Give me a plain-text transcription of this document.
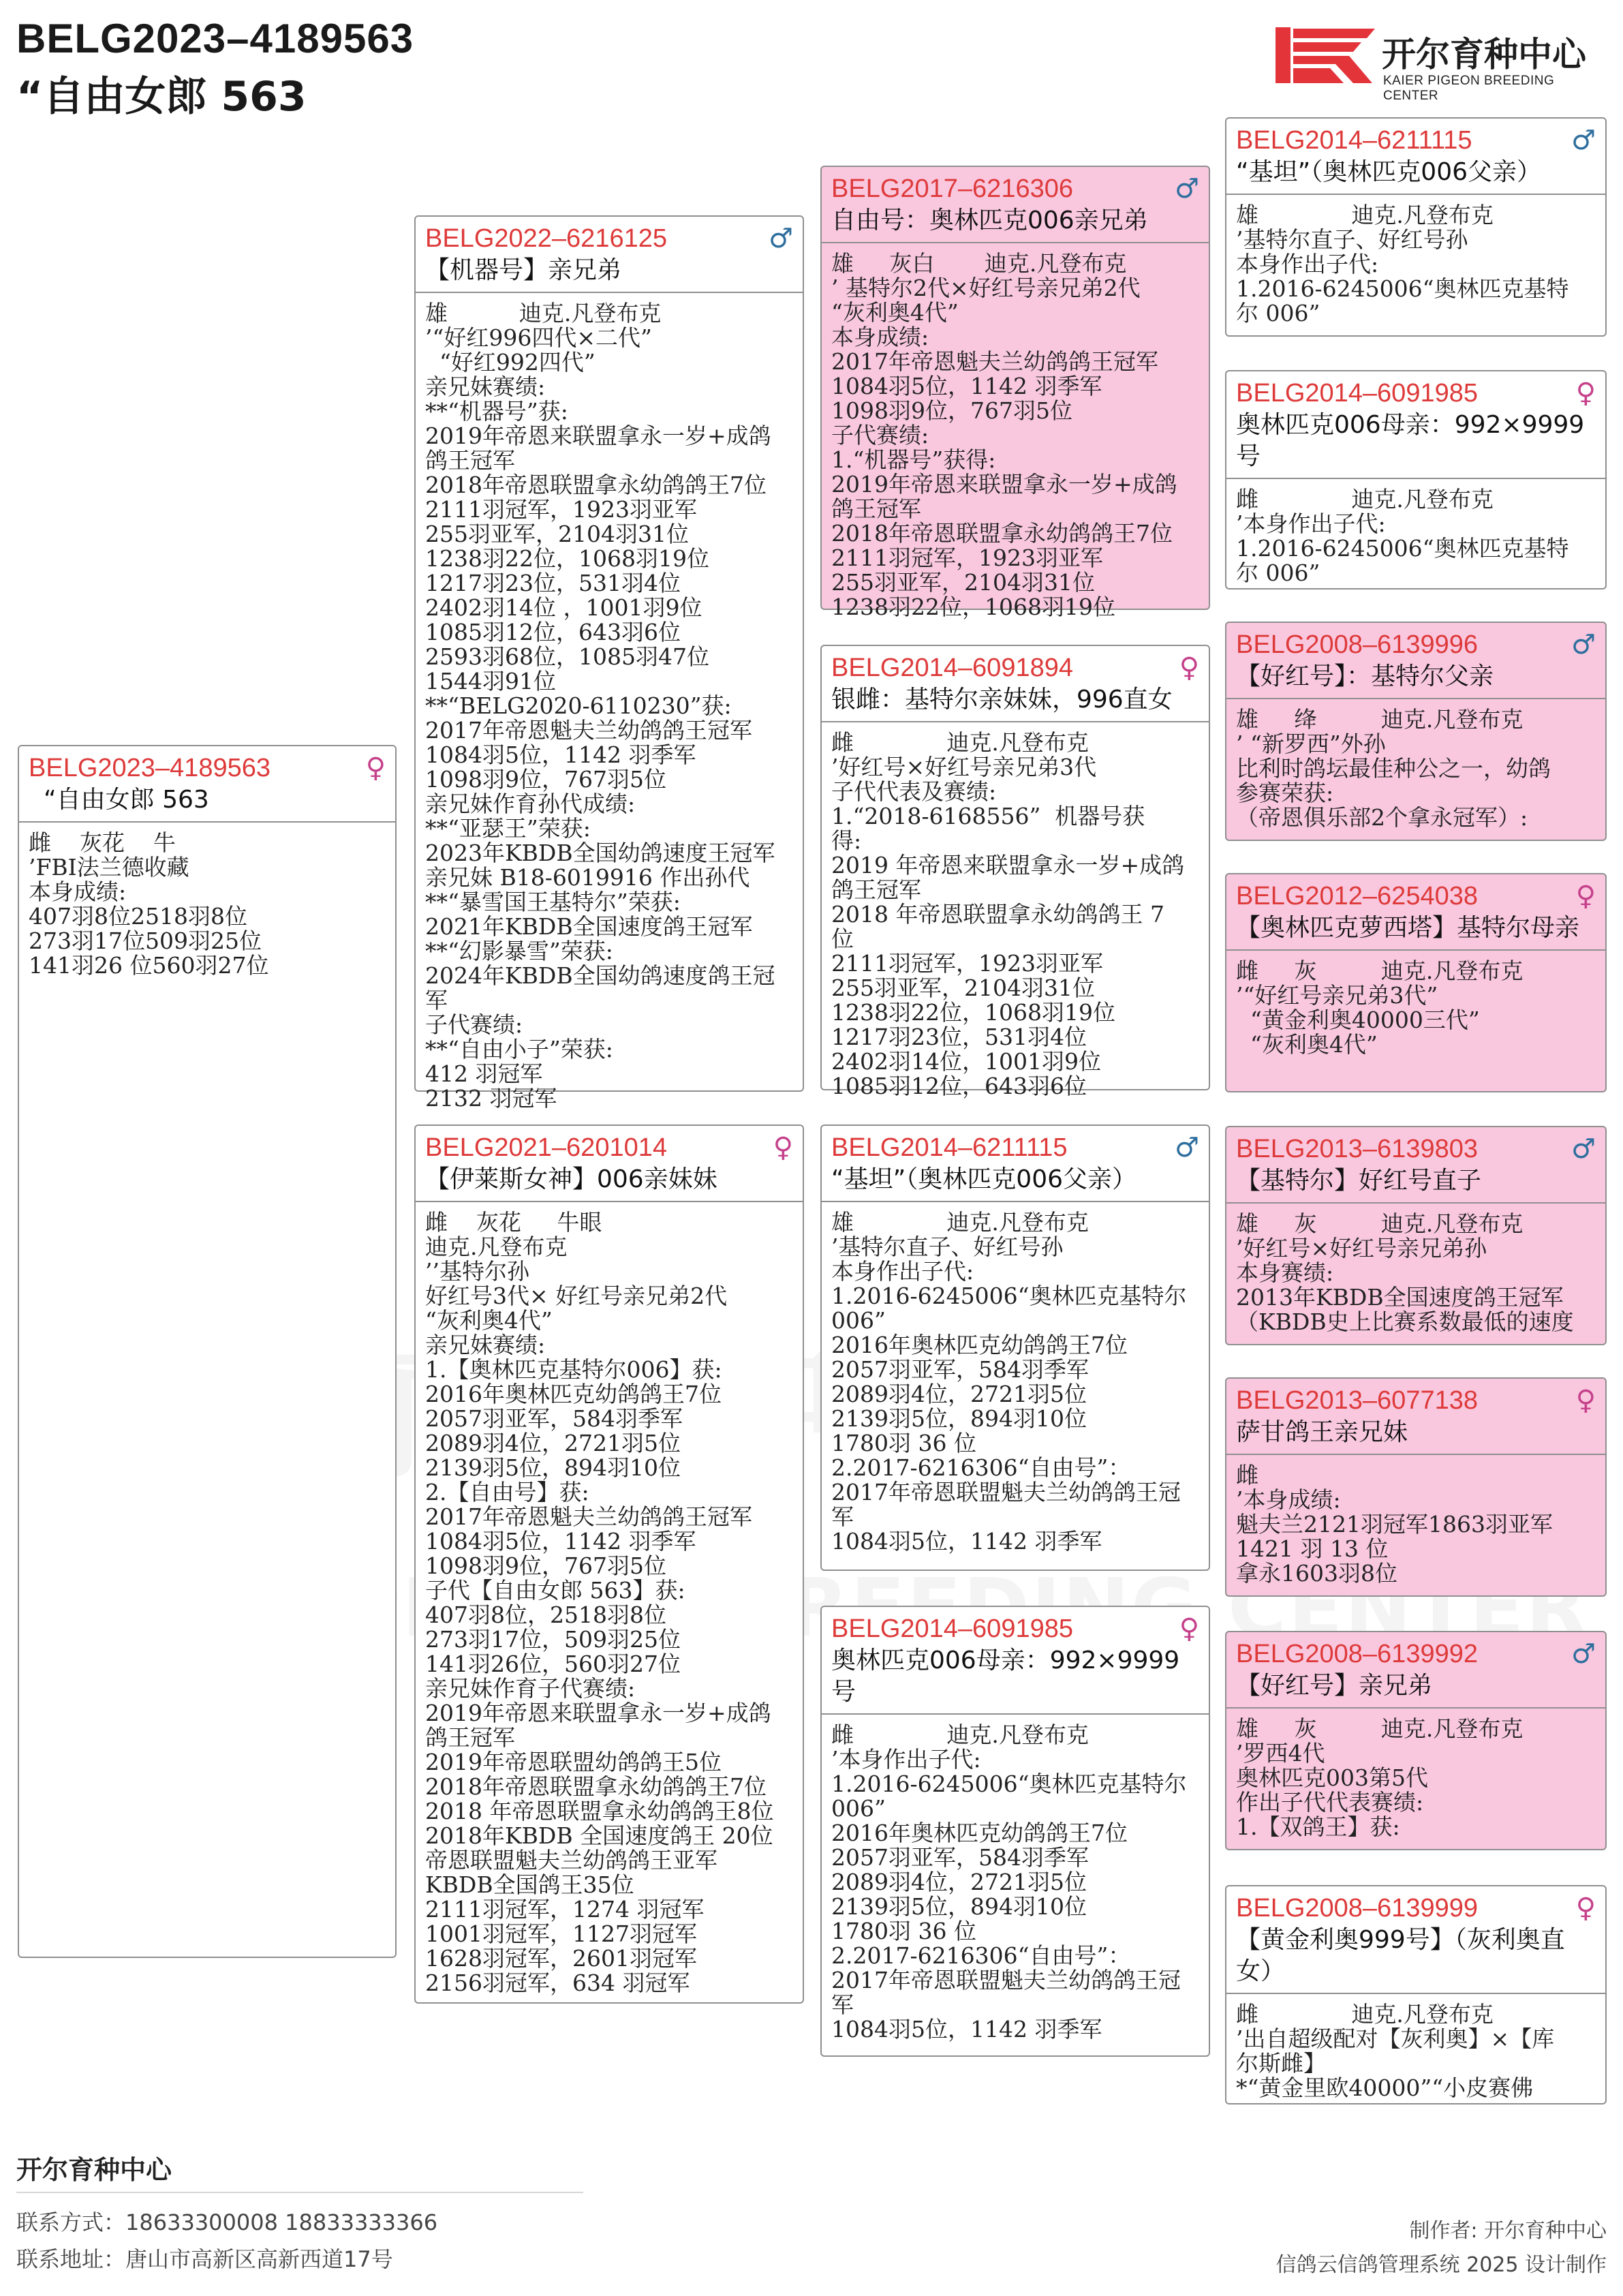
BELG2023–4189563
“自由女郎 563
开尔育种中心
KAIER PIGEON BREEDING CENTER
BELG2023–4189563	♀
“自由女郎 563
雌    灰花    牛
’FBI法兰德收藏
本身成绩:
407羽8位2518羽8位
273羽17位509羽25位
141羽26 位560羽27位
BELG2022–6216125	♂
【机器号】亲兄弟
雄          迪克.凡登布克
’“好红996四代×二代”
“好红992四代”
亲兄妹赛绩:
**“机器号”获:
2019年帝恩来联盟拿永一岁+成鸽
鸽王冠军
2018年帝恩联盟拿永幼鸽鸽王7位
2111羽冠军，1923羽亚军
255羽亚军，2104羽31位
1238羽22位，1068羽19位
1217羽23位，531羽4位
2402羽14位 ，1001羽9位
1085羽12位，643羽6位
2593羽68位，1085羽47位
1544羽91位
**“BELG2020-6110230”获:
2017年帝恩魁夫兰幼鸽鸽王冠军
1084羽5位，1142 羽季军
1098羽9位，767羽5位
亲兄妹作育孙代成绩:
**“亚瑟王”荣获:
2023年KBDB全国幼鸽速度王冠军
亲兄妹 B18-6019916 作出孙代
**“暴雪国王基特尔”荣获:
2021年KBDB全国速度鸽王冠军
**“幻影暴雪”荣获:
2024年KBDB全国幼鸽速度鸽王冠军
子代赛绩:
**“自由小子”荣获:
412 羽冠军
2132 羽冠军
BELG2021–6201014	♀
【伊莱斯女神】006亲妹妹
雌    灰花     牛眼
迪克.凡登布克
’’基特尔孙
好红号3代× 好红号亲兄弟2代
“灰利奥4代”
亲兄妹赛绩:
1.【奥林匹克基特尔006】获:
2016年奥林匹克幼鸽鸽王7位
2057羽亚军，584羽季军
2089羽4位，2721羽5位
2139羽5位，894羽10位
2.【自由号】获:
2017年帝恩魁夫兰幼鸽鸽王冠军
1084羽5位，1142 羽季军
1098羽9位，767羽5位
子代【自由女郎 563】获:
407羽8位，2518羽8位
273羽17位，509羽25位
141羽26位，560羽27位
亲兄妹作育子代赛绩:
2019年帝恩来联盟拿永一岁+成鸽
鸽王冠军
2019年帝恩联盟幼鸽鸽王5位
2018年帝恩联盟拿永幼鸽鸽王7位
2018 年帝恩联盟拿永幼鸽鸽王8位
2018年KBDB 全国速度鸽王 20位
帝恩联盟魁夫兰幼鸽鸽王亚军
KBDB全国鸽王35位
2111羽冠军，1274 羽冠军
1001羽冠军，1127羽冠军
1628羽冠军，2601羽冠军
2156羽冠军，634 羽冠军
BELG2017–6216306	♂
自由号：奥林匹克006亲兄弟
雄     灰白       迪克.凡登布克
’ 基特尔2代×好红号亲兄弟2代
“灰利奥4代”
本身成绩:
2017年帝恩魁夫兰幼鸽鸽王冠军
1084羽5位，1142 羽季军
1098羽9位，767羽5位
子代赛绩:
1.“机器号”获得:
2019年帝恩来联盟拿永一岁+成鸽
鸽王冠军
2018年帝恩联盟拿永幼鸽鸽王7位
2111羽冠军，1923羽亚军
255羽亚军，2104羽31位
1238羽22位，1068羽19位
BELG2014–6091894	♀
银雌：基特尔亲妹妹，996直女
雌             迪克.凡登布克
’好红号×好红号亲兄弟3代
子代代表及赛绩:
1.“2018-6168556”  机器号获
得:
2019 年帝恩来联盟拿永一岁+成鸽
鸽王冠军
2018 年帝恩联盟拿永幼鸽鸽王 7
位
2111羽冠军，1923羽亚军
255羽亚军，2104羽31位
1238羽22位，1068羽19位
1217羽23位，531羽4位
2402羽14位，1001羽9位
1085羽12位，643羽6位
BELG2014–6211115	♂
“基坦”（奥林匹克006父亲）
雄             迪克.凡登布克
’基特尔直子、好红号孙
本身作出子代:
1.2016-6245006“奥林匹克基特尔
006”
2016年奥林匹克幼鸽鸽王7位
2057羽亚军，584羽季军
2089羽4位，2721羽5位
2139羽5位，894羽10位
1780羽 36 位
2.2017-6216306“自由号”：
2017年帝恩联盟魁夫兰幼鸽鸽王冠
军
1084羽5位，1142 羽季军
BELG2014–6091985	♀
奥林匹克006母亲：992×9999号
雌             迪克.凡登布克
’本身作出子代:
1.2016-6245006“奥林匹克基特尔
006”
2016年奥林匹克幼鸽鸽王7位
2057羽亚军，584羽季军
2089羽4位，2721羽5位
2139羽5位，894羽10位
1780羽 36 位
2.2017-6216306“自由号”：
2017年帝恩联盟魁夫兰幼鸽鸽王冠
军
1084羽5位，1142 羽季军
BELG2014–6211115	♂
“基坦”（奥林匹克006父亲）
雄             迪克.凡登布克
’基特尔直子、好红号孙
本身作出子代:
1.2016-6245006“奥林匹克基特
尔 006”
BELG2014–6091985	♀
奥林匹克006母亲：992×9999号
雌             迪克.凡登布克
’本身作出子代:
1.2016-6245006“奥林匹克基特
尔 006”
BELG2008–6139996	♂
【好红号】：基特尔父亲
雄     绛         迪克.凡登布克
’ “新罗西”外孙
比利时鸽坛最佳种公之一，幼鸽
参赛荣获:
（帝恩俱乐部2个拿永冠军）:
BELG2012–6254038	♀
【奥林匹克萝西塔】基特尔母亲
雌     灰         迪克.凡登布克
’“好红号亲兄弟3代”
“黄金利奥40000三代”
“灰利奥4代”
BELG2013–6139803	♂
【基特尔】好红号直子
雄     灰         迪克.凡登布克
’好红号×好红号亲兄弟孙
本身赛绩:
2013年KBDB全国速度鸽王冠军
（KBDB史上比赛系数最低的速度
BELG2013–6077138	♀
萨甘鸽王亲兄妹
雌
’本身成绩:
魁夫兰2121羽冠军1863羽亚军
1421 羽 13 位
拿永1603羽8位
BELG2008–6139992	♂
【好红号】亲兄弟
雄     灰         迪克.凡登布克
’罗西4代
奥林匹克003第5代
作出子代代表赛绩:
1.【双鸽王】获:
BELG2008–6139999	♀
【黄金利奥999号】（灰利奥直女）
雌             迪克.凡登布克
’出自超级配对【灰利奥】×【库
尔斯雌】
*“黄金里欧40000”“小皮赛佛
开尔育种中心
联系方式：18633300008 18833333366
联系地址：唐山市高新区高新西道17号
制作者: 开尔育种中心
信鸽云信鸽管理系统 2025 设计制作
